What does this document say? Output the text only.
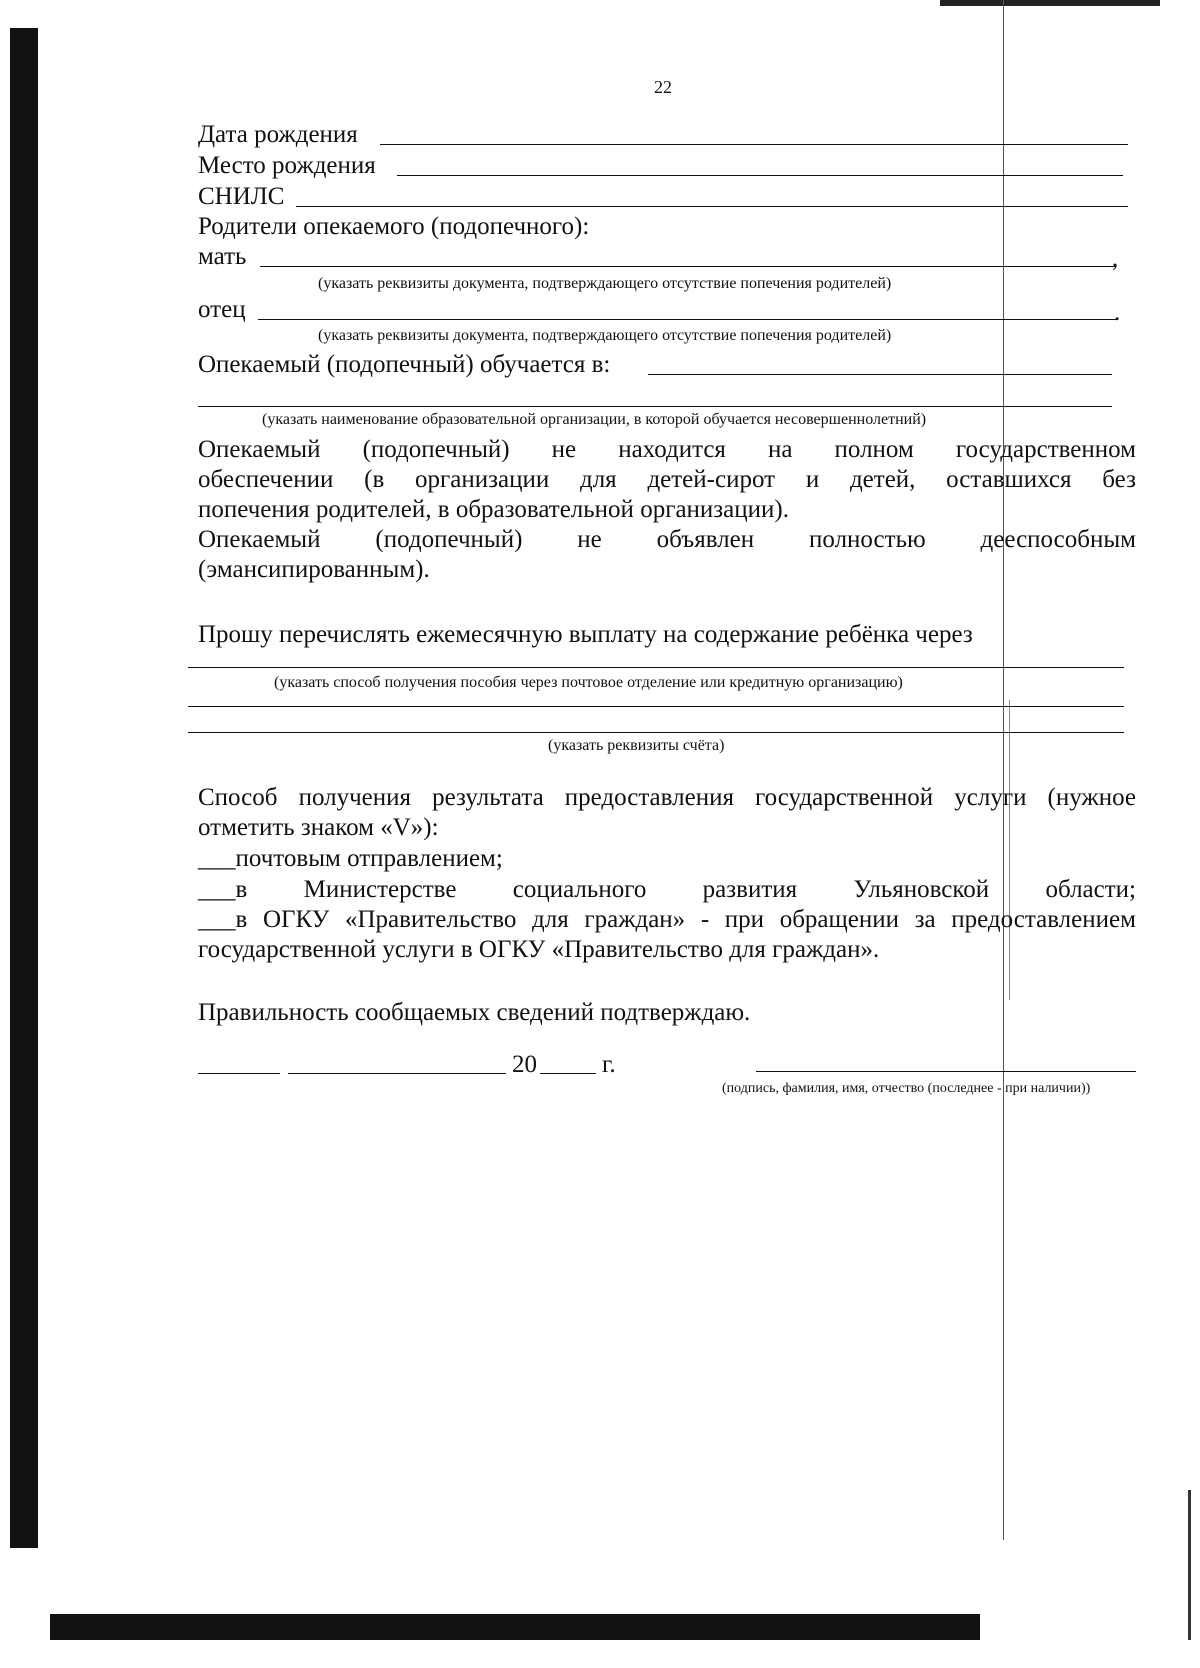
22
Дата рождения
Место рождения
СНИЛС
Родители опекаемого (подопечного):
мать	,
(указать реквизиты документа, подтверждающего отсутствие попечения родителей)
отец	.
(указать реквизиты документа, подтверждающего отсутствие попечения родителей)
Опекаемый (подопечный) обучается в:
(указать наименование образовательной организации, в которой обучается несовершеннолетний)
Опекаемый (подопечный) не находится на полном государственном
обеспечении (в организации для детей-сирот и детей, оставшихся без
попечения родителей, в образовательной организации).
Опекаемый (подопечный) не объявлен полностью дееспособным
(эмансипированным).
Прошу перечислять ежемесячную выплату на содержание ребёнка через
(указать способ получения пособия через почтовое отделение или кредитную организацию)
(указать реквизиты счёта)
Способ получения результата предоставления государственной услуги (нужное
отметить знаком «V»):
___почтовым отправлением;
___в Министерстве социального развития Ульяновской области;
___в ОГКУ «Правительство для граждан» - при обращении за предоставлением
государственной услуги в ОГКУ «Правительство для граждан».
Правильность сообщаемых сведений подтверждаю.
20	г.
(подпись, фамилия, имя, отчество (последнее - при наличии))
